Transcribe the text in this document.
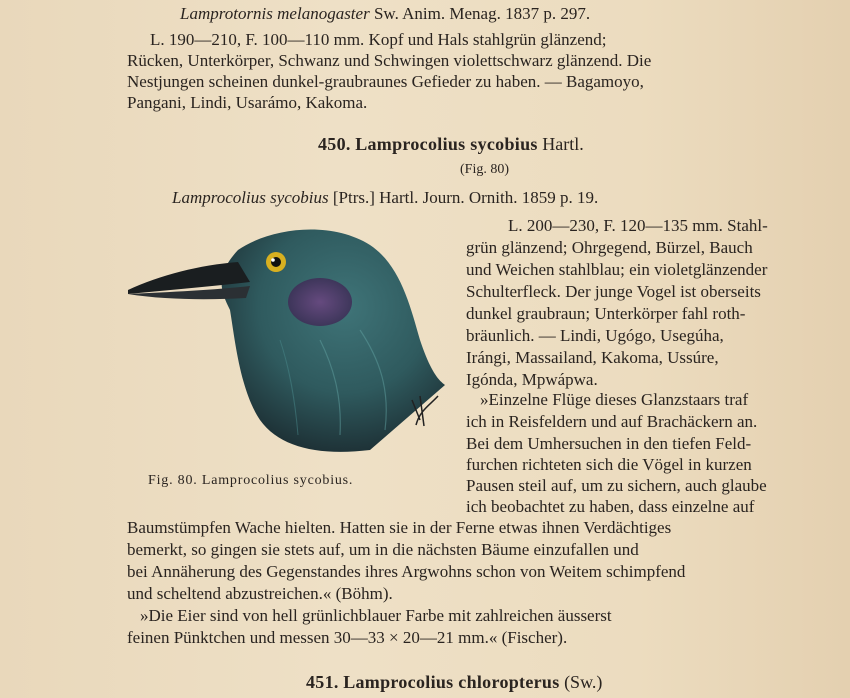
Lamprotornis melanogaster Sw. Anim. Menag. 1837 p. 297.
L. 190—210, F. 100—110 mm. Kopf und Hals stahlgrün glänzend;
Rücken, Unterkörper, Schwanz und Schwingen violettschwarz glänzend. Die
Nestjungen scheinen dunkel-graubraunes Gefieder zu haben. — Bagamoyo,
Pangani, Lindi, Usarámo, Kakoma.
450. Lamprocolius sycobius Hartl.
(Fig. 80)
Lamprocolius sycobius [Ptrs.] Hartl. Journ. Ornith. 1859 p. 19.
L. 200—230, F. 120—135 mm. Stahl-
grün glänzend; Ohrgegend, Bürzel, Bauch
und Weichen stahlblau; ein violetglänzender
Schulterfleck. Der junge Vogel ist oberseits
dunkel graubraun; Unterkörper fahl roth-
bräunlich. — Lindi, Ugógo, Usegúha,
Irángi, Massailand, Kakoma, Ussúre,
Igónda, Mpwápwa.
»Einzelne Flüge dieses Glanzstaars traf
ich in Reisfeldern und auf Brachäckern an.
Bei dem Umhersuchen in den tiefen Feld-
furchen richteten sich die Vögel in kurzen
Pausen steil auf, um zu sichern, auch glaube
ich beobachtet zu haben, dass einzelne auf
Fig. 80. Lamprocolius sycobius.
Baumstümpfen Wache hielten. Hatten sie in der Ferne etwas ihnen Verdächtiges
bemerkt, so gingen sie stets auf, um in die nächsten Bäume einzufallen und
bei Annäherung des Gegenstandes ihres Argwohns schon von Weitem schimpfend
und scheltend abzustreichen.« (Böhm).
»Die Eier sind von hell grünlichblauer Farbe mit zahlreichen äusserst
feinen Pünktchen und messen 30—33 × 20—21 mm.« (Fischer).
451. Lamprocolius chloropterus (Sw.)
